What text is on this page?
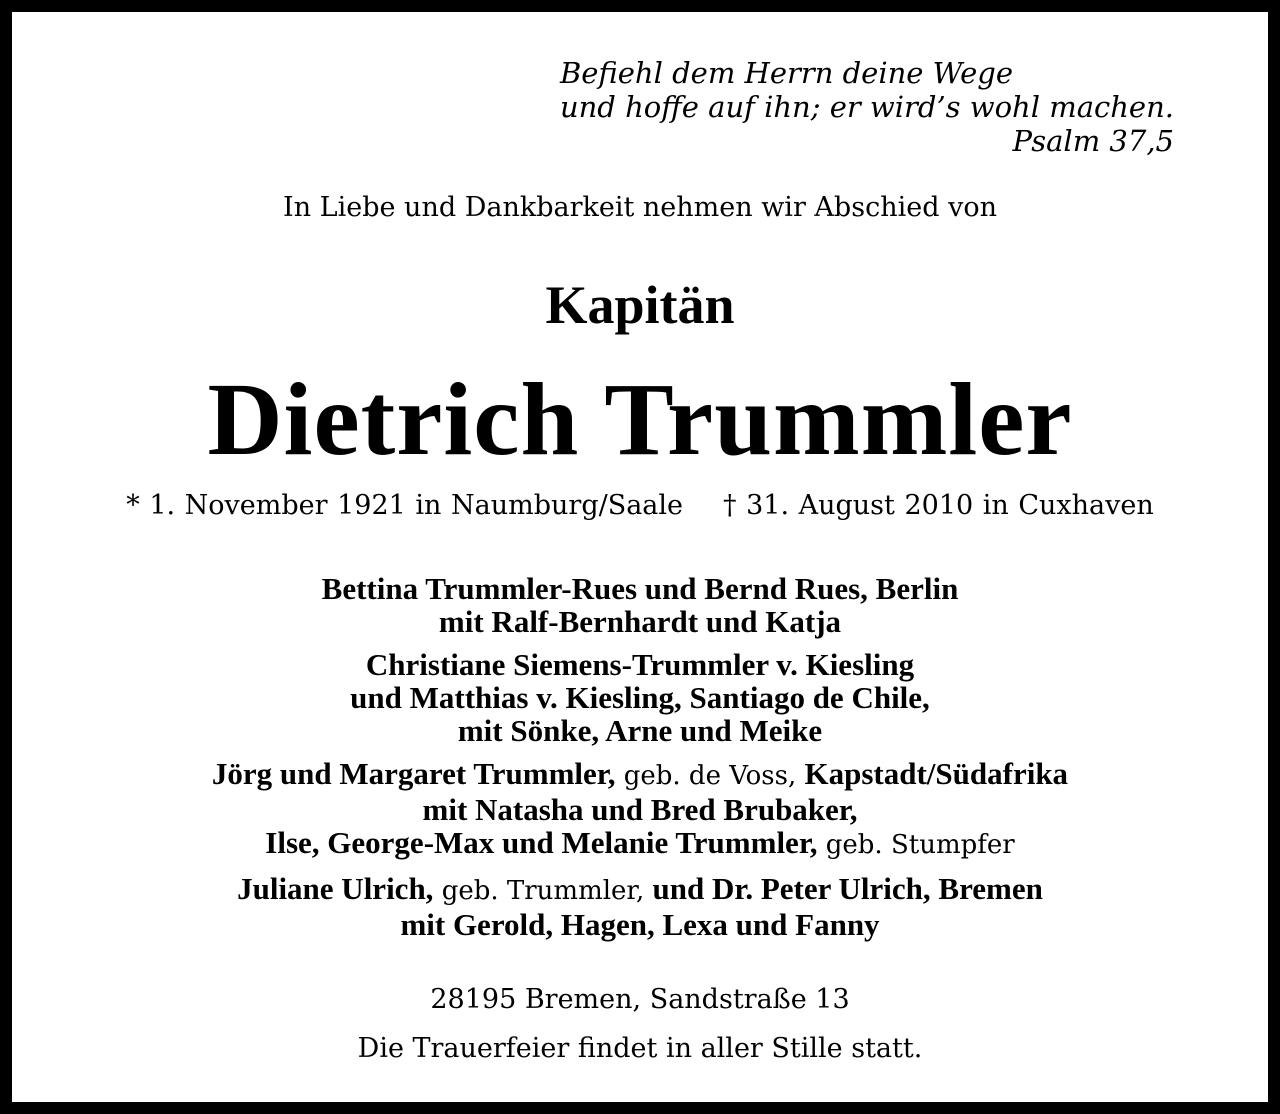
Befiehl dem Herrn deine Wege
und hoffe auf ihn; er wird’s wohl machen.
Psalm 37,5
In Liebe und Dankbarkeit nehmen wir Abschied von
Kapitän
Dietrich Trummler
* 1. November 1921 in Naumburg/Saale † 31. August 2010 in Cuxhaven
Bettina Trummler-Rues und Bernd Rues, Berlin
mit Ralf-Bernhardt und Katja
Christiane Siemens-Trummler v. Kiesling
und Matthias v. Kiesling, Santiago de Chile,
mit Sönke, Arne und Meike
Jörg und Margaret Trummler, geb. de Voss, Kapstadt/Südafrika
mit Natasha und Bred Brubaker,
Ilse, George-Max und Melanie Trummler, geb. Stumpfer
Juliane Ulrich, geb. Trummler, und Dr. Peter Ulrich, Bremen
mit Gerold, Hagen, Lexa und Fanny
28195 Bremen, Sandstraße 13
Die Trauerfeier findet in aller Stille statt.
